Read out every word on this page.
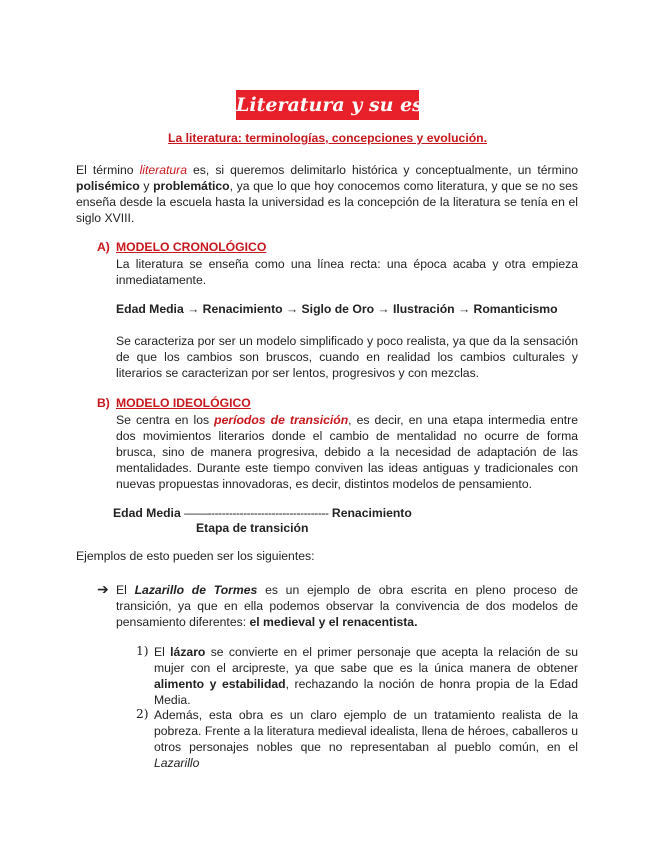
Literatura y su estudio
La literatura: terminologías, concepciones y evolución.
El término literatura es, si queremos delimitarlo histórica y conceptualmente, un término polisémico y problemático, ya que lo que hoy conocemos como literatura, y que se no ses enseña desde la escuela hasta la universidad es la concepción de la literatura se tenía en el siglo XVIII.
A) MODELO CRONOLÓGICO
La literatura se enseña como una línea recta: una época acaba y otra empieza inmediatamente.
Edad Media → Renacimiento → Siglo de Oro → Ilustración → Romanticismo
Se caracteriza por ser un modelo simplificado y poco realista, ya que da la sensación de que los cambios son bruscos, cuando en realidad los cambios culturales y literarios se caracterizan por ser lentos, progresivos y con mezclas.
B) MODELO IDEOLÓGICO
Se centra en los períodos de transición, es decir, en una etapa intermedia entre dos movimientos literarios donde el cambio de mentalidad no ocurre de forma brusca, sino de manera progresiva, debido a la necesidad de adaptación de las mentalidades. Durante este tiempo conviven las ideas antiguas y tradicionales con nuevas propuestas innovadoras, es decir, distintos modelos de pensamiento.
Edad Media ——---------------------------------- Renacimiento
Etapa de transición
Ejemplos de esto pueden ser los siguientes:
➔ El Lazarillo de Tormes es un ejemplo de obra escrita en pleno proceso de transición, ya que en ella podemos observar la convivencia de dos modelos de pensamiento diferentes: el medieval y el renacentista.
1) El lázaro se convierte en el primer personaje que acepta la relación de su mujer con el arcipreste, ya que sabe que es la única manera de obtener alimento y estabilidad, rechazando la noción de honra propia de la Edad Media.
2) Además, esta obra es un claro ejemplo de un tratamiento realista de la pobreza. Frente a la literatura medieval idealista, llena de héroes, caballeros u otros personajes nobles que no representaban al pueblo común, en el Lazarillo
